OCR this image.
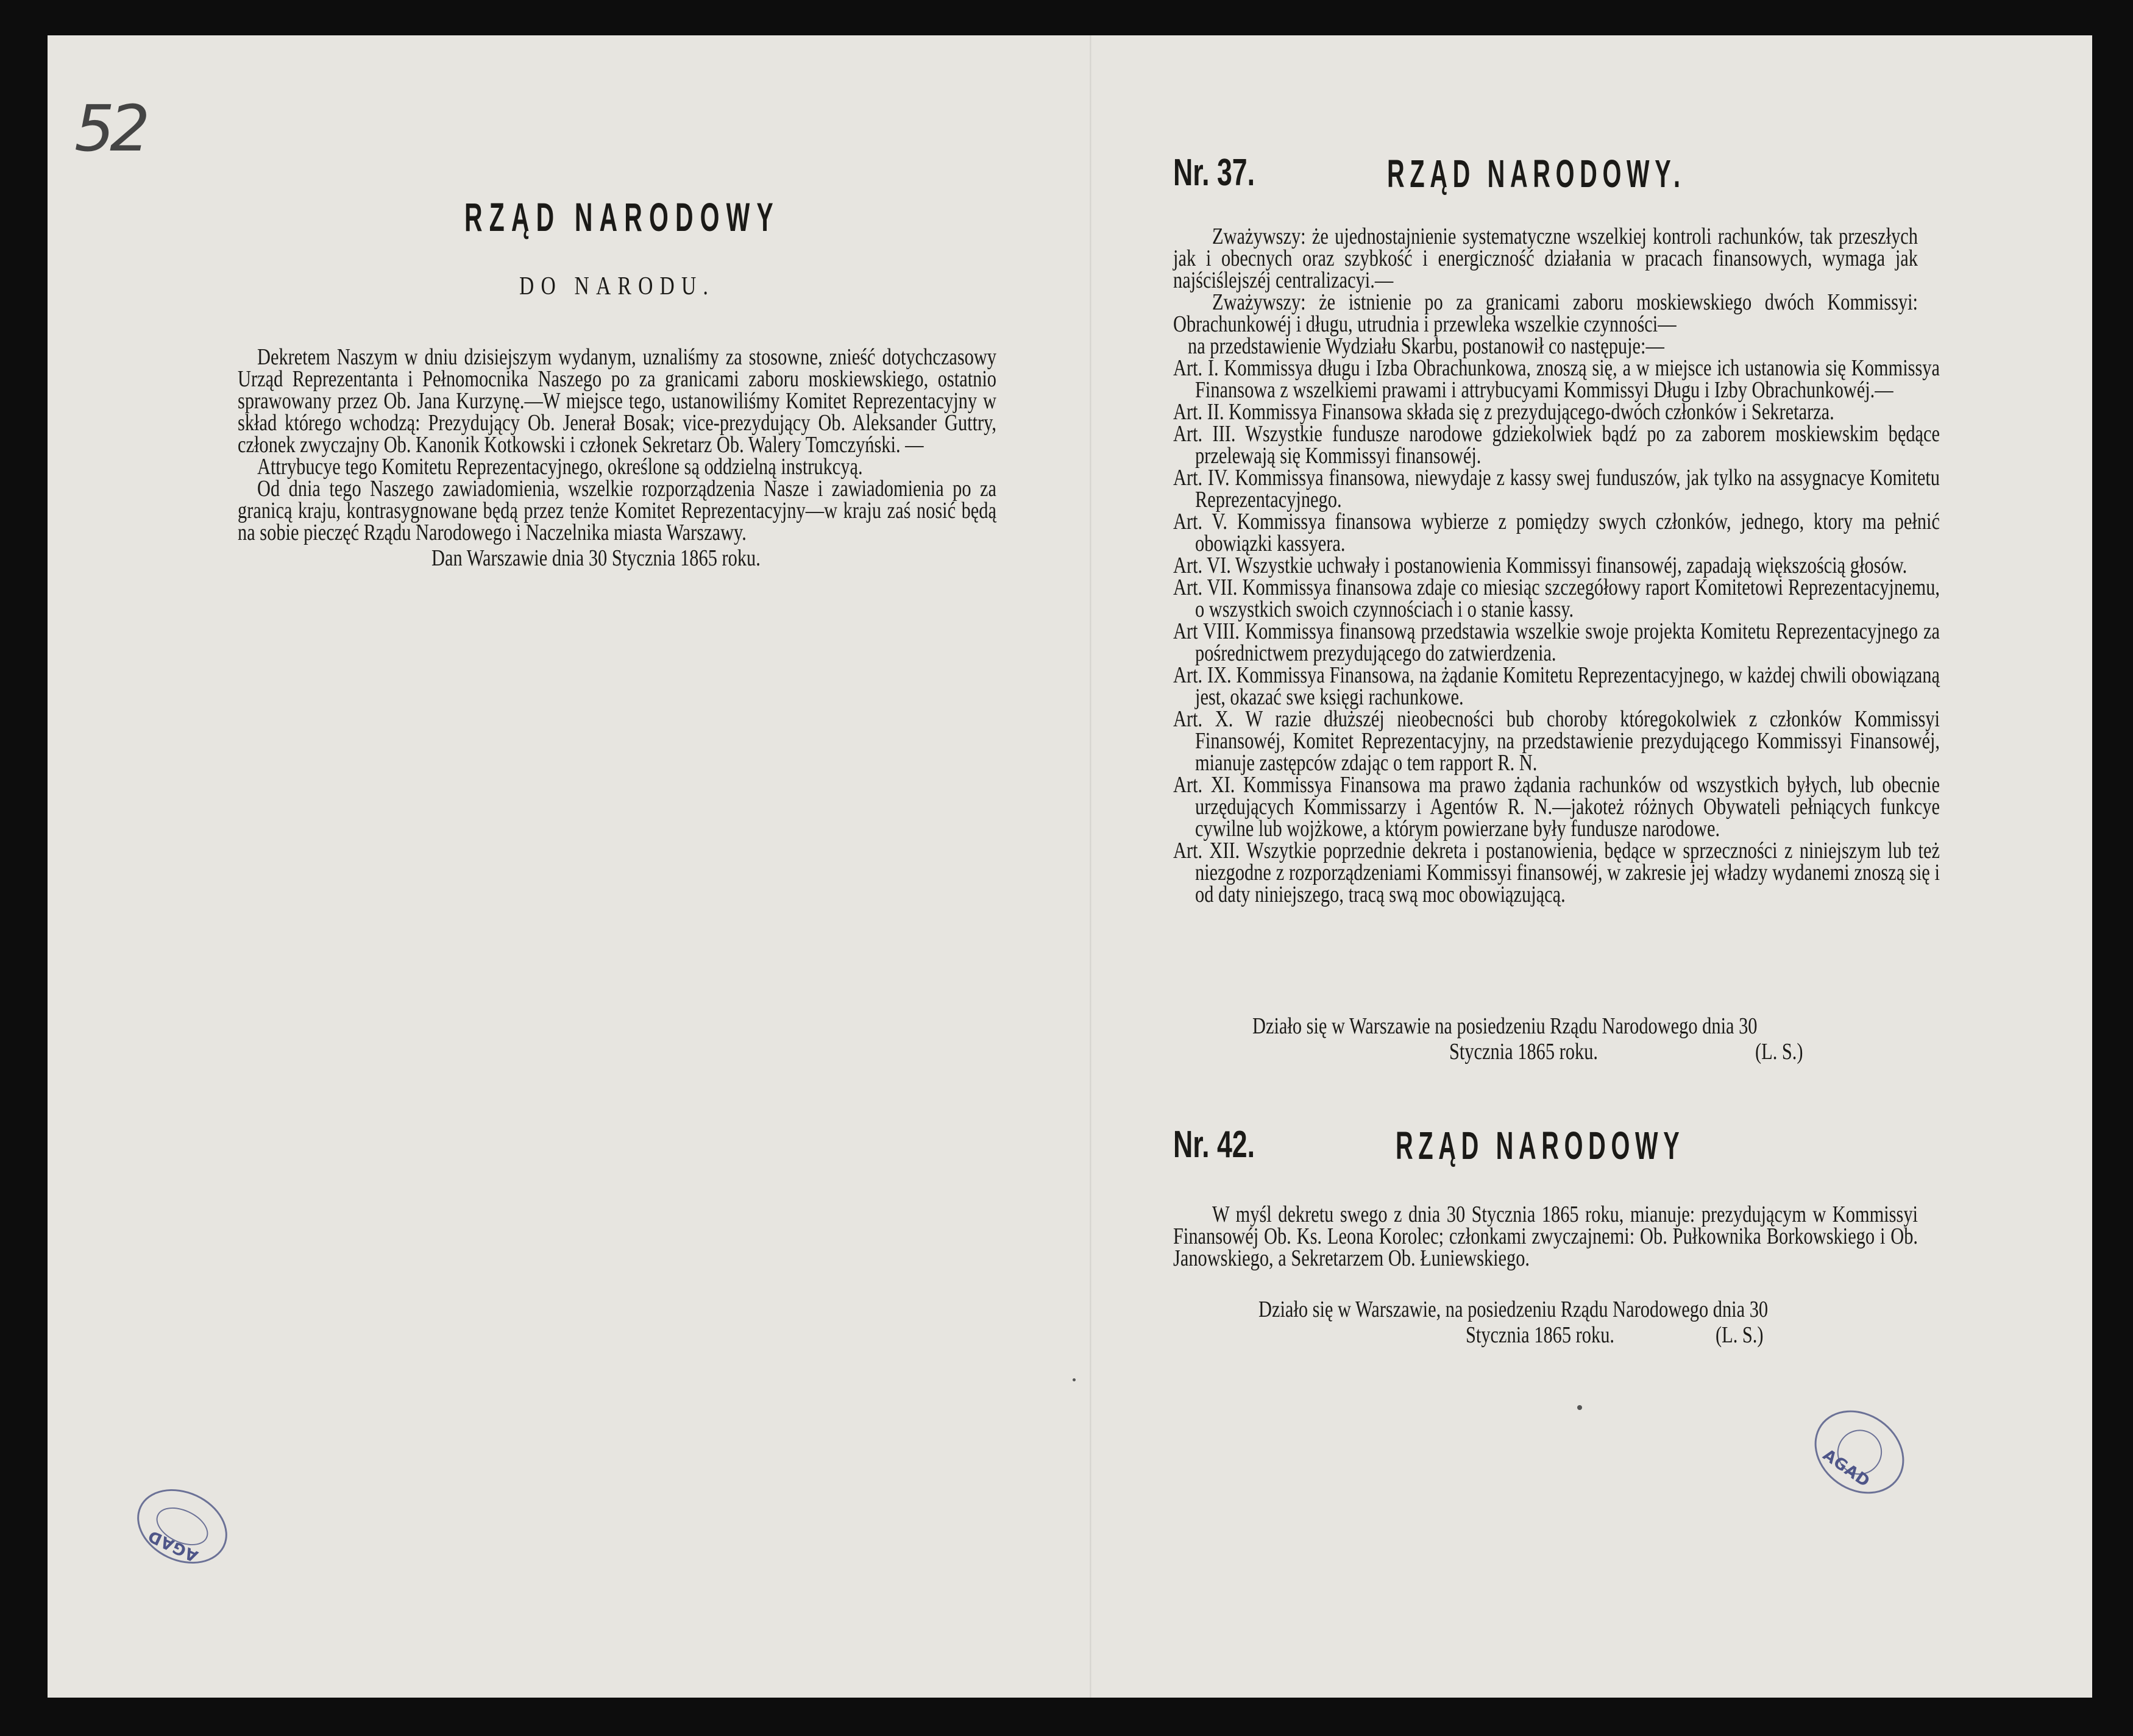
52
RZĄD NARODOWY
DO NARODU.

Dekretem Naszym w dniu dzisiejszym wydanym, uznaliśmy za stosowne, znieść dotychczasowy Urząd Reprezentanta i Pełnomocnika Naszego po za granicami zaboru moskiewskiego, ostatnio sprawowany przez Ob. Jana Kurzynę.—W miejsce tego, ustanowiliśmy Komitet Reprezentacyjny w skład którego wchodzą: Prezydujący Ob. Jenerał Bosak; vice-prezydujący Ob. Aleksander Guttry, członek zwyczajny Ob. Kanonik Kotkowski i członek Sekretarz Ob. Walery Tomczyński. —

Attrybucye tego Komitetu Reprezentacyjnego, określone są oddzielną instrukcyą.

Od dnia tego Naszego zawiadomienia, wszelkie rozporządzenia Nasze i zawiadomienia po za granicą kraju, kontrasygnowane będą przez tenże Komitet Reprezentacyjny—w kraju zaś nosić będą na sobie pieczęć Rządu Narodowego i Naczelnika miasta Warszawy.

Dan Warszawie dnia 30 Stycznia 1865 roku.

Nr. 37.	RZĄD NARODOWY.

Zważywszy: że ujednostajnienie systematyczne wszelkiej kontroli rachunków, tak przeszłych jak i obecnych oraz szybkość i energiczność działania w pracach finansowych, wymaga jak najściślejszéj centralizacyi.—

Zważywszy: że istnienie po za granicami zaboru moskiewskiego dwóch Kommissyi: Obrachunkowéj i długu, utrudnia i przewleka wszelkie czynności—

na przedstawienie Wydziału Skarbu, postanowił co następuje:—

Art. I. Kommissya długu i Izba Obrachunkowa, znoszą się, a w miejsce ich ustanowia się Kommissya Finansowa z wszelkiemi prawami i attrybucyami Kommissyi Długu i Izby Obrachunkowéj.—

Art. II. Kommissya Finansowa składa się z prezydującego-dwóch członków i Sekretarza.

Art. III. Wszystkie fundusze narodowe gdziekolwiek bądź po za zaborem moskiewskim będące przelewają się Kommissyi finansowéj.

Art. IV. Kommissya finansowa, niewydaje z kassy swej funduszów, jak tylko na assygnacye Komitetu Reprezentacyjnego.

Art. V. Kommissya finansowa wybierze z pomiędzy swych członków, jednego, ktory ma pełnić obowiązki kassyera.

Art. VI. Wszystkie uchwały i postanowienia Kommissyi finansowéj, zapadają większością głosów.

Art. VII. Kommissya finansowa zdaje co miesiąc szczegółowy raport Komitetowi Reprezentacyjnemu, o wszystkich swoich czynnościach i o stanie kassy.

Art VIII. Kommissya finansową przedstawia wszelkie swoje projekta Komitetu Reprezentacyjnego za pośrednictwem prezydującego do zatwierdzenia.

Art. IX. Kommissya Finansowa, na żądanie Komitetu Reprezentacyjnego, w każdej chwili obowiązaną jest, okazać swe księgi rachunkowe.

Art. X. W razie dłuższéj nieobecności bub choroby któregokolwiek z członków Kommissyi Finansowéj, Komitet Reprezentacyjny, na przedstawienie prezydującego Kommissyi Finansowéj, mianuje zastępców zdając o tem rapport R. N.

Art. XI. Kommissya Finansowa ma prawo żądania rachunków od wszystkich byłych, lub obecnie urzędujących Kommissarzy i Agentów R. N.—jakoteż różnych Obywateli pełniących funkcye cywilne lub wojżkowe, a którym powierzane były fundusze narodowe.

Art. XII. Wszytkie poprzednie dekreta i postanowienia, będące w sprzeczności z niniejszym lub też niezgodne z rozporządzeniami Kommissyi finansowéj, w zakresie jej władzy wydanemi znoszą się i od daty niniejszego, tracą swą moc obowiązującą.

Działo się w Warszawie na posiedzeniu Rządu Narodowego dnia 30
Stycznia 1865 roku.	(L. S.)
Nr. 42.	RZĄD NARODOWY

W myśl dekretu swego z dnia 30 Stycznia 1865 roku, mianuje: prezydującym w Kommissyi Finansowéj Ob. Ks. Leona Korolec; członkami zwyczajnemi: Ob. Pułkownika Borkowskiego i Ob. Janowskiego, a Sekretarzem Ob. Łuniewskiego.

Działo się w Warszawie, na posiedzeniu Rządu Narodowego dnia 30
Stycznia 1865 roku.	(L. S.)
AGAD
AGAD
